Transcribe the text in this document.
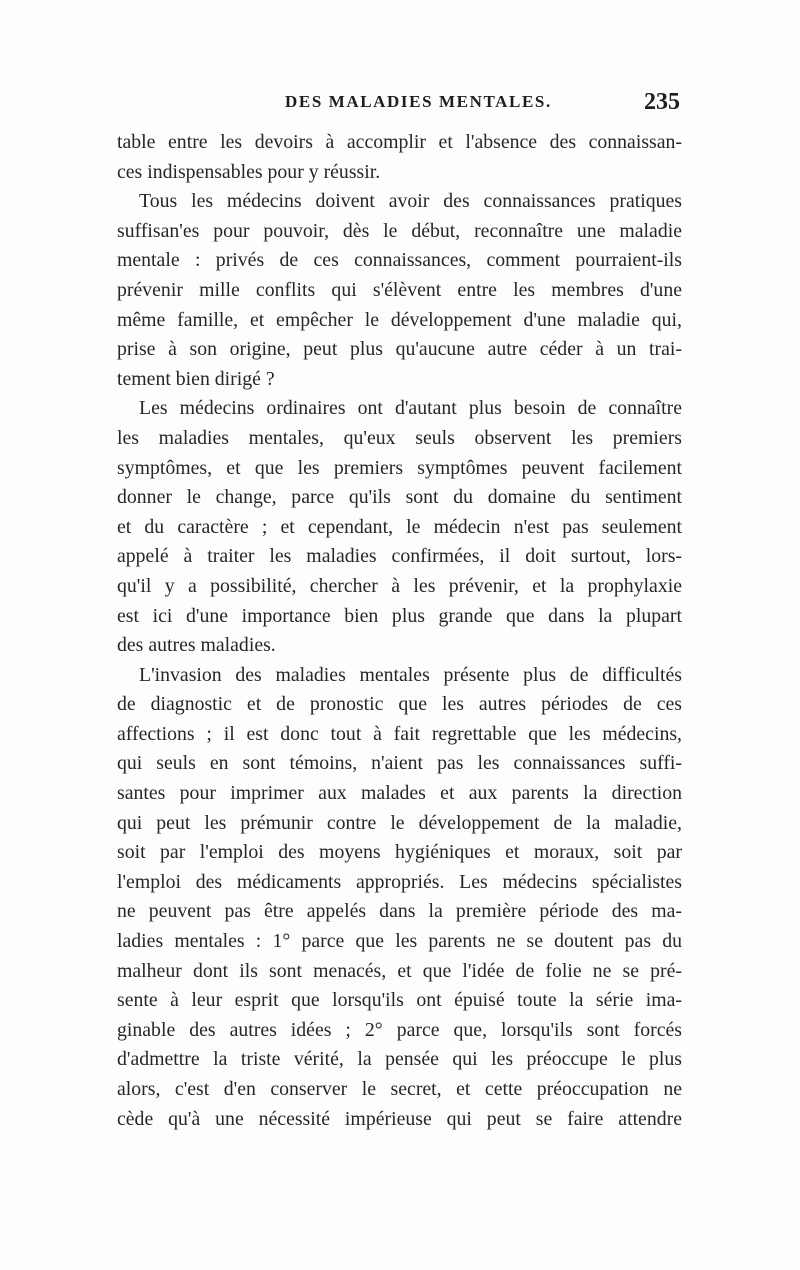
DES MALADIES MENTALES.	235
table entre les devoirs à accomplir et l'absence des connaissan-
ces indispensables pour y réussir.
Tous les médecins doivent avoir des connaissances pratiques
suffisan'es pour pouvoir, dès le début, reconnaître une maladie
mentale : privés de ces connaissances, comment pourraient-ils
prévenir mille conflits qui s'élèvent entre les membres d'une
même famille, et empêcher le développement d'une maladie qui,
prise à son origine, peut plus qu'aucune autre céder à un trai-
tement bien dirigé ?
Les médecins ordinaires ont d'autant plus besoin de connaître
les maladies mentales, qu'eux seuls observent les premiers
symptômes, et que les premiers symptômes peuvent facilement
donner le change, parce qu'ils sont du domaine du sentiment
et du caractère ; et cependant, le médecin n'est pas seulement
appelé à traiter les maladies confirmées, il doit surtout, lors-
qu'il y a possibilité, chercher à les prévenir, et la prophylaxie
est ici d'une importance bien plus grande que dans la plupart
des autres maladies.
L'invasion des maladies mentales présente plus de difficultés
de diagnostic et de pronostic que les autres périodes de ces
affections ; il est donc tout à fait regrettable que les médecins,
qui seuls en sont témoins, n'aient pas les connaissances suffi-
santes pour imprimer aux malades et aux parents la direction
qui peut les prémunir contre le développement de la maladie,
soit par l'emploi des moyens hygiéniques et moraux, soit par
l'emploi des médicaments appropriés. Les médecins spécialistes
ne peuvent pas être appelés dans la première période des ma-
ladies mentales : 1° parce que les parents ne se doutent pas du
malheur dont ils sont menacés, et que l'idée de folie ne se pré-
sente à leur esprit que lorsqu'ils ont épuisé toute la série ima-
ginable des autres idées ; 2° parce que, lorsqu'ils sont forcés
d'admettre la triste vérité, la pensée qui les préoccupe le plus
alors, c'est d'en conserver le secret, et cette préoccupation ne
cède qu'à une nécessité impérieuse qui peut se faire attendre
